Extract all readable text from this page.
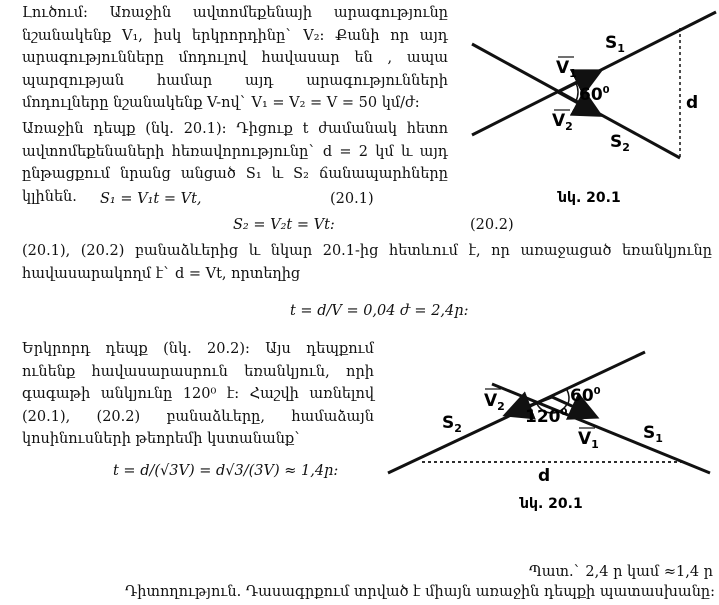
Լուծում: Առաջին ավտոմեքենայի արագությունը նշանակենք V₁, իսկ երկրորդինը` V₂: Քանի որ այդ արագությունները մոդուլով հավասար են , ապա պարզության համար այդ արագությունների մոդուլները նշանակենք V-ով` V₁ = V₂ = V = 50 կմ/ժ:
Առաջին դեպք (նկ. 20.1): Դիցուք t ժամանակ հետո ավտոմեքենաների հեռավորությունը` d = 2 կմ և այդ ընթացքում նրանց անցած S₁ և S₂ ճանապարհները կլինեն.	S₁ = V₁t = Vt,	(20.1)
S₂ = V₂t = Vt:	(20.2)
(20.1), (20.2) բանաձևերից և նկար 20.1-ից հետևում է, որ առաջացած եռանկյունը հավասարակողմ է` d = Vt, որտեղից
t = d/V = 0,04 ժ = 2,4ր:
Երկրորդ դեպք (նկ. 20.2): Այս դեպքում ունենք հավասարասրուն եռանկյուն, որի գագաթի անկյունը 120⁰ է: Հաշվի առնելով (20.1), (20.2) բանաձևերը, համաձայն կոսինուսների թեորեմի կստանանք`
t = d/(√3V) = d√3/(3V) ≈ 1,4ր:
Պատ.` 2,4 ր կամ ≈1,4 ր
Դիտողություն. Դասագրքում տրված է միայն առաջին դեպքի պատասխանը:
$V_1$
$V_2$
$60^0$
$S_1$
$S_2$
d
նկ. 20.1
$60^0$
$120^0$
$V_2$
$V_1$
$S_2$	$S_1$
d
նկ. 20.1
